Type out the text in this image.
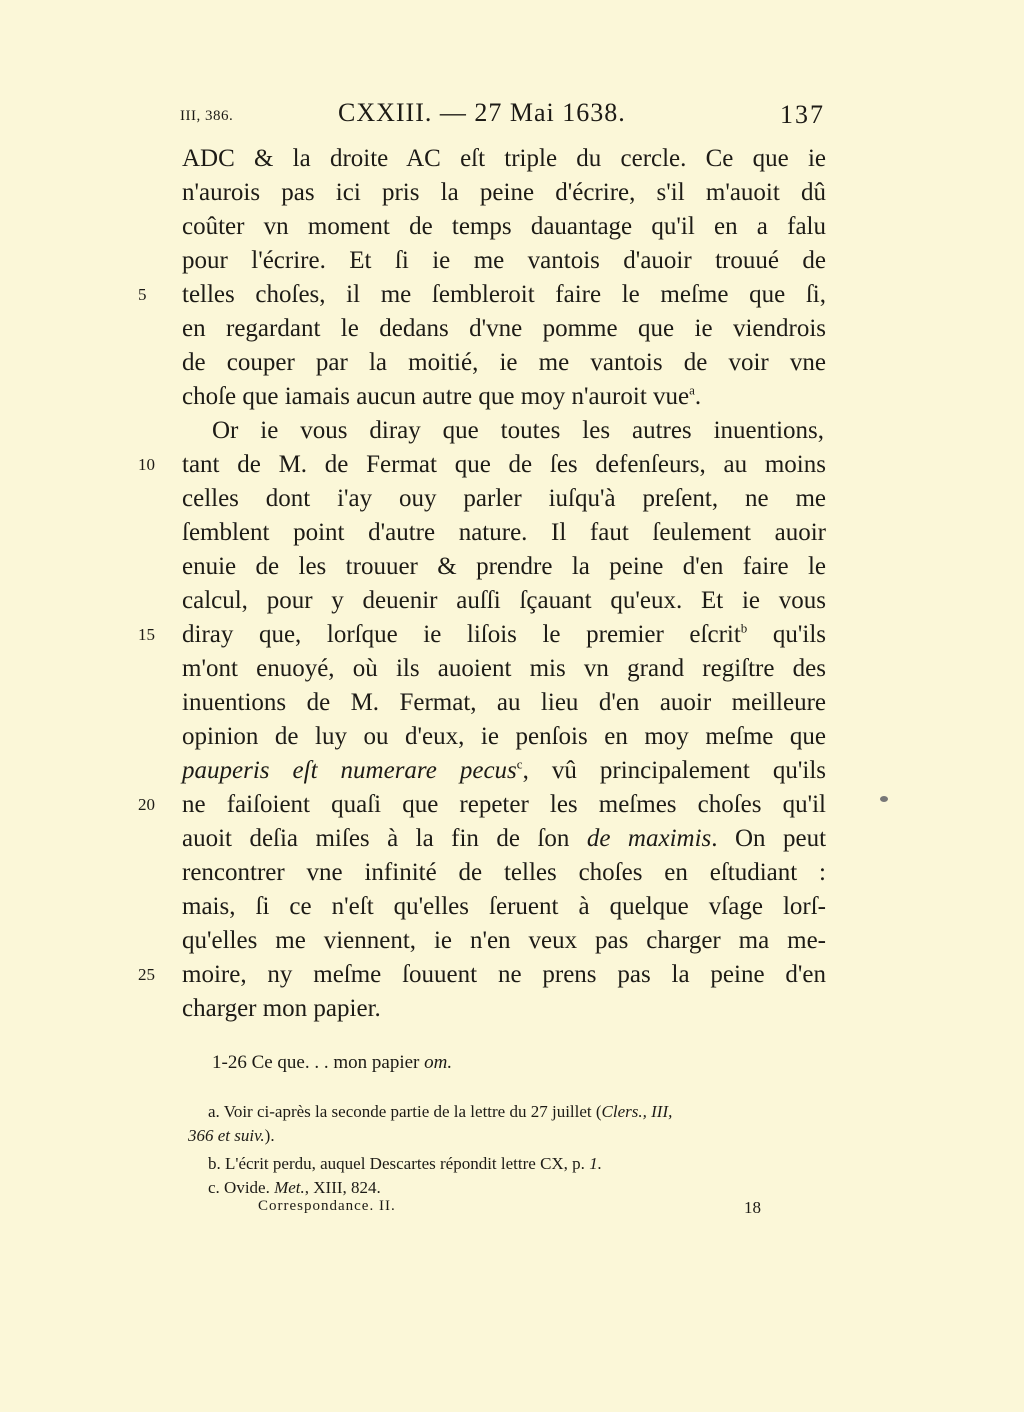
III, 386.	CXXIII. — 27 Mai 1638.	137
ADC & la droite AC eſt triple du cercle. Ce que ie
n'aurois pas ici pris la peine d'écrire, s'il m'auoit dû
coûter vn moment de temps dauantage qu'il en a falu
pour l'écrire. Et ſi ie me vantois d'auoir trouué de
5	telles choſes, il me ſembleroit faire le meſme que ſi,
en regardant le dedans d'vne pomme que ie viendrois
de couper par la moitié, ie me vantois de voir vne
choſe que iamais aucun autre que moy n'auroit vue$^a$.
Or ie vous diray que toutes les autres inuentions,
10	tant de M. de Fermat que de ſes defenſeurs, au moins
celles dont i'ay ouy parler iuſqu'à preſent, ne me
ſemblent point d'autre nature. Il faut ſeulement auoir
enuie de les trouuer & prendre la peine d'en faire le
calcul, pour y deuenir auſſi ſçauant qu'eux. Et ie vous
15	diray que, lorſque ie liſois le premier eſcrit$^b$ qu'ils
m'ont enuoyé, où ils auoient mis vn grand regiſtre des
inuentions de M. Fermat, au lieu d'en auoir meilleure
opinion de luy ou d'eux, ie penſois en moy meſme que
pauperis eſt numerare pecus$^c$, vû principalement qu'ils
20	ne faiſoient quaſi que repeter les meſmes choſes qu'il
auoit deſia miſes à la fin de ſon de maximis. On peut
rencontrer vne infinité de telles choſes en eſtudiant :
mais, ſi ce n'eſt qu'elles ſeruent à quelque vſage lorſ-
qu'elles me viennent, ie n'en veux pas charger ma me-
25	moire, ny meſme ſouuent ne prens pas la peine d'en
charger mon papier.
1-26 Ce que. . . mon papier om.
a. Voir ci-après la seconde partie de la lettre du 27 juillet (Clers., III,
366 et suiv.).
b. L'écrit perdu, auquel Descartes répondit lettre CX, p. 1.
c. Ovide. Met., XIII, 824.
Correspondance. II.	18
